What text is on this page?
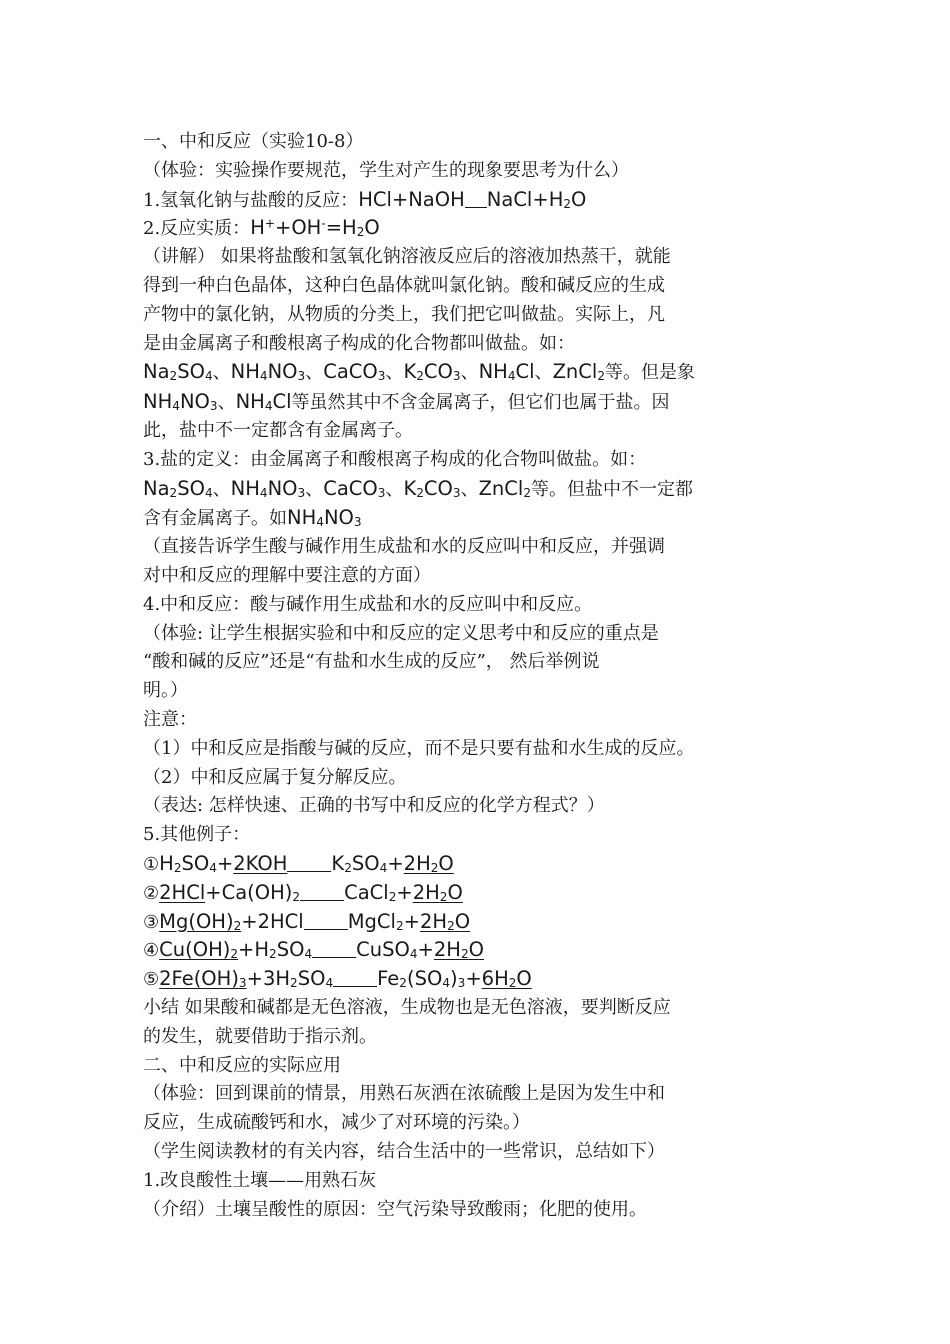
一、中和反应（实验10-8）
（体验：实验操作要规范，学生对产生的现象要思考为什么）
1.氢氧化钠与盐酸的反应：HCl+NaOH $NaCl+H_2O$
2.反应实质：$H^++OH^-=H_2O$
（讲解） 如果将盐酸和氢氧化钠溶液反应后的溶液加热蒸干，就能
得到一种白色晶体，这种白色晶体就叫氯化钠。酸和碱反应的生成
产物中的氯化钠，从物质的分类上，我们把它叫做盐。实际上，凡
是由金属离子和酸根离子构成的化合物都叫做盐。如：
$Na_2SO_4$、$NH_4NO_3$、CaCO$_3$、$K_2CO_3$、$NH_4Cl$、ZnCl$_2$等。但是象
$NH_4NO_3$、$NH_4Cl$等虽然其中不含金属离子，但它们也属于盐。因
此，盐中不一定都含有金属离子。
3.盐的定义：由金属离子和酸根离子构成的化合物叫做盐。如：
$Na_2SO_4$、$NH_4NO_3$、CaCO$_3$、$K_2CO_3$、ZnCl$_2$等。但盐中不一定都
含有金属离子。如$NH_4NO_3$
（直接告诉学生酸与碱作用生成盐和水的反应叫中和反应，并强调
对中和反应的理解中要注意的方面）
4.中和反应：酸与碱作用生成盐和水的反应叫中和反应。
（体验: 让学生根据实验和中和反应的定义思考中和反应的重点是
“酸和碱的反应”还是“有盐和水生成的反应”， 然后举例说
明。）
注意：
（1）中和反应是指酸与碱的反应，而不是只要有盐和水生成的反应。
（2）中和反应属于复分解反应。
（表达: 怎样快速、正确的书写中和反应的化学方程式？）
5.其他例子：
$①H_2SO_4+2KOH$ $K_2SO_4+2H_2O$
$②2HCl+Ca(OH)_2$ $CaCl_2+2H_2O$
$③Mg(OH)_2+2HCl$ $MgCl_2+2H_2O$
$④Cu(OH)_2+H_2SO_4$ $CuSO_4+2H_2O$
$⑤2Fe(OH)_3+3H_2SO_4$ $Fe_2(SO_4)_3+6H_2O$
小结 如果酸和碱都是无色溶液，生成物也是无色溶液，要判断反应
的发生，就要借助于指示剂。
二、中和反应的实际应用
（体验：回到课前的情景，用熟石灰洒在浓硫酸上是因为发生中和
反应，生成硫酸钙和水，减少了对环境的污染。）
（学生阅读教材的有关内容，结合生活中的一些常识，总结如下）
1.改良酸性土壤——用熟石灰
（介绍）土壤呈酸性的原因：空气污染导致酸雨；化肥的使用。
